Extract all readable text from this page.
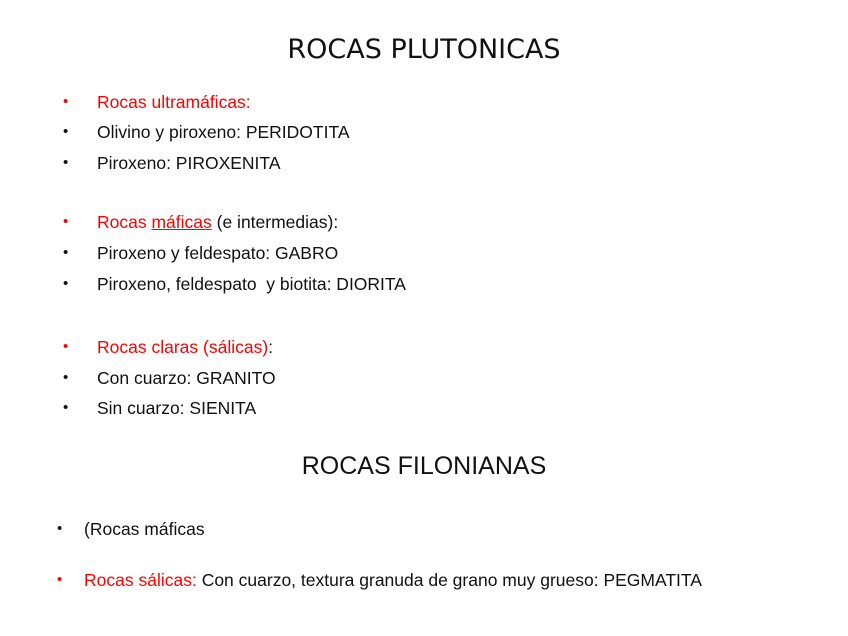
ROCAS PLUTONICAS
• Rocas ultramáficas:
• Olivino y piroxeno: PERIDOTITA
• Piroxeno: PIROXENITA
• Rocas máficas (e intermedias):
• Piroxeno y feldespato: GABRO
• Piroxeno, feldespato  y biotita: DIORITA
• Rocas claras (sálicas):
• Con cuarzo: GRANITO
• Sin cuarzo: SIENITA
ROCAS FILONIANAS
• (Rocas máficas
• Rocas sálicas: Con cuarzo, textura granuda de grano muy grueso: PEGMATITA
